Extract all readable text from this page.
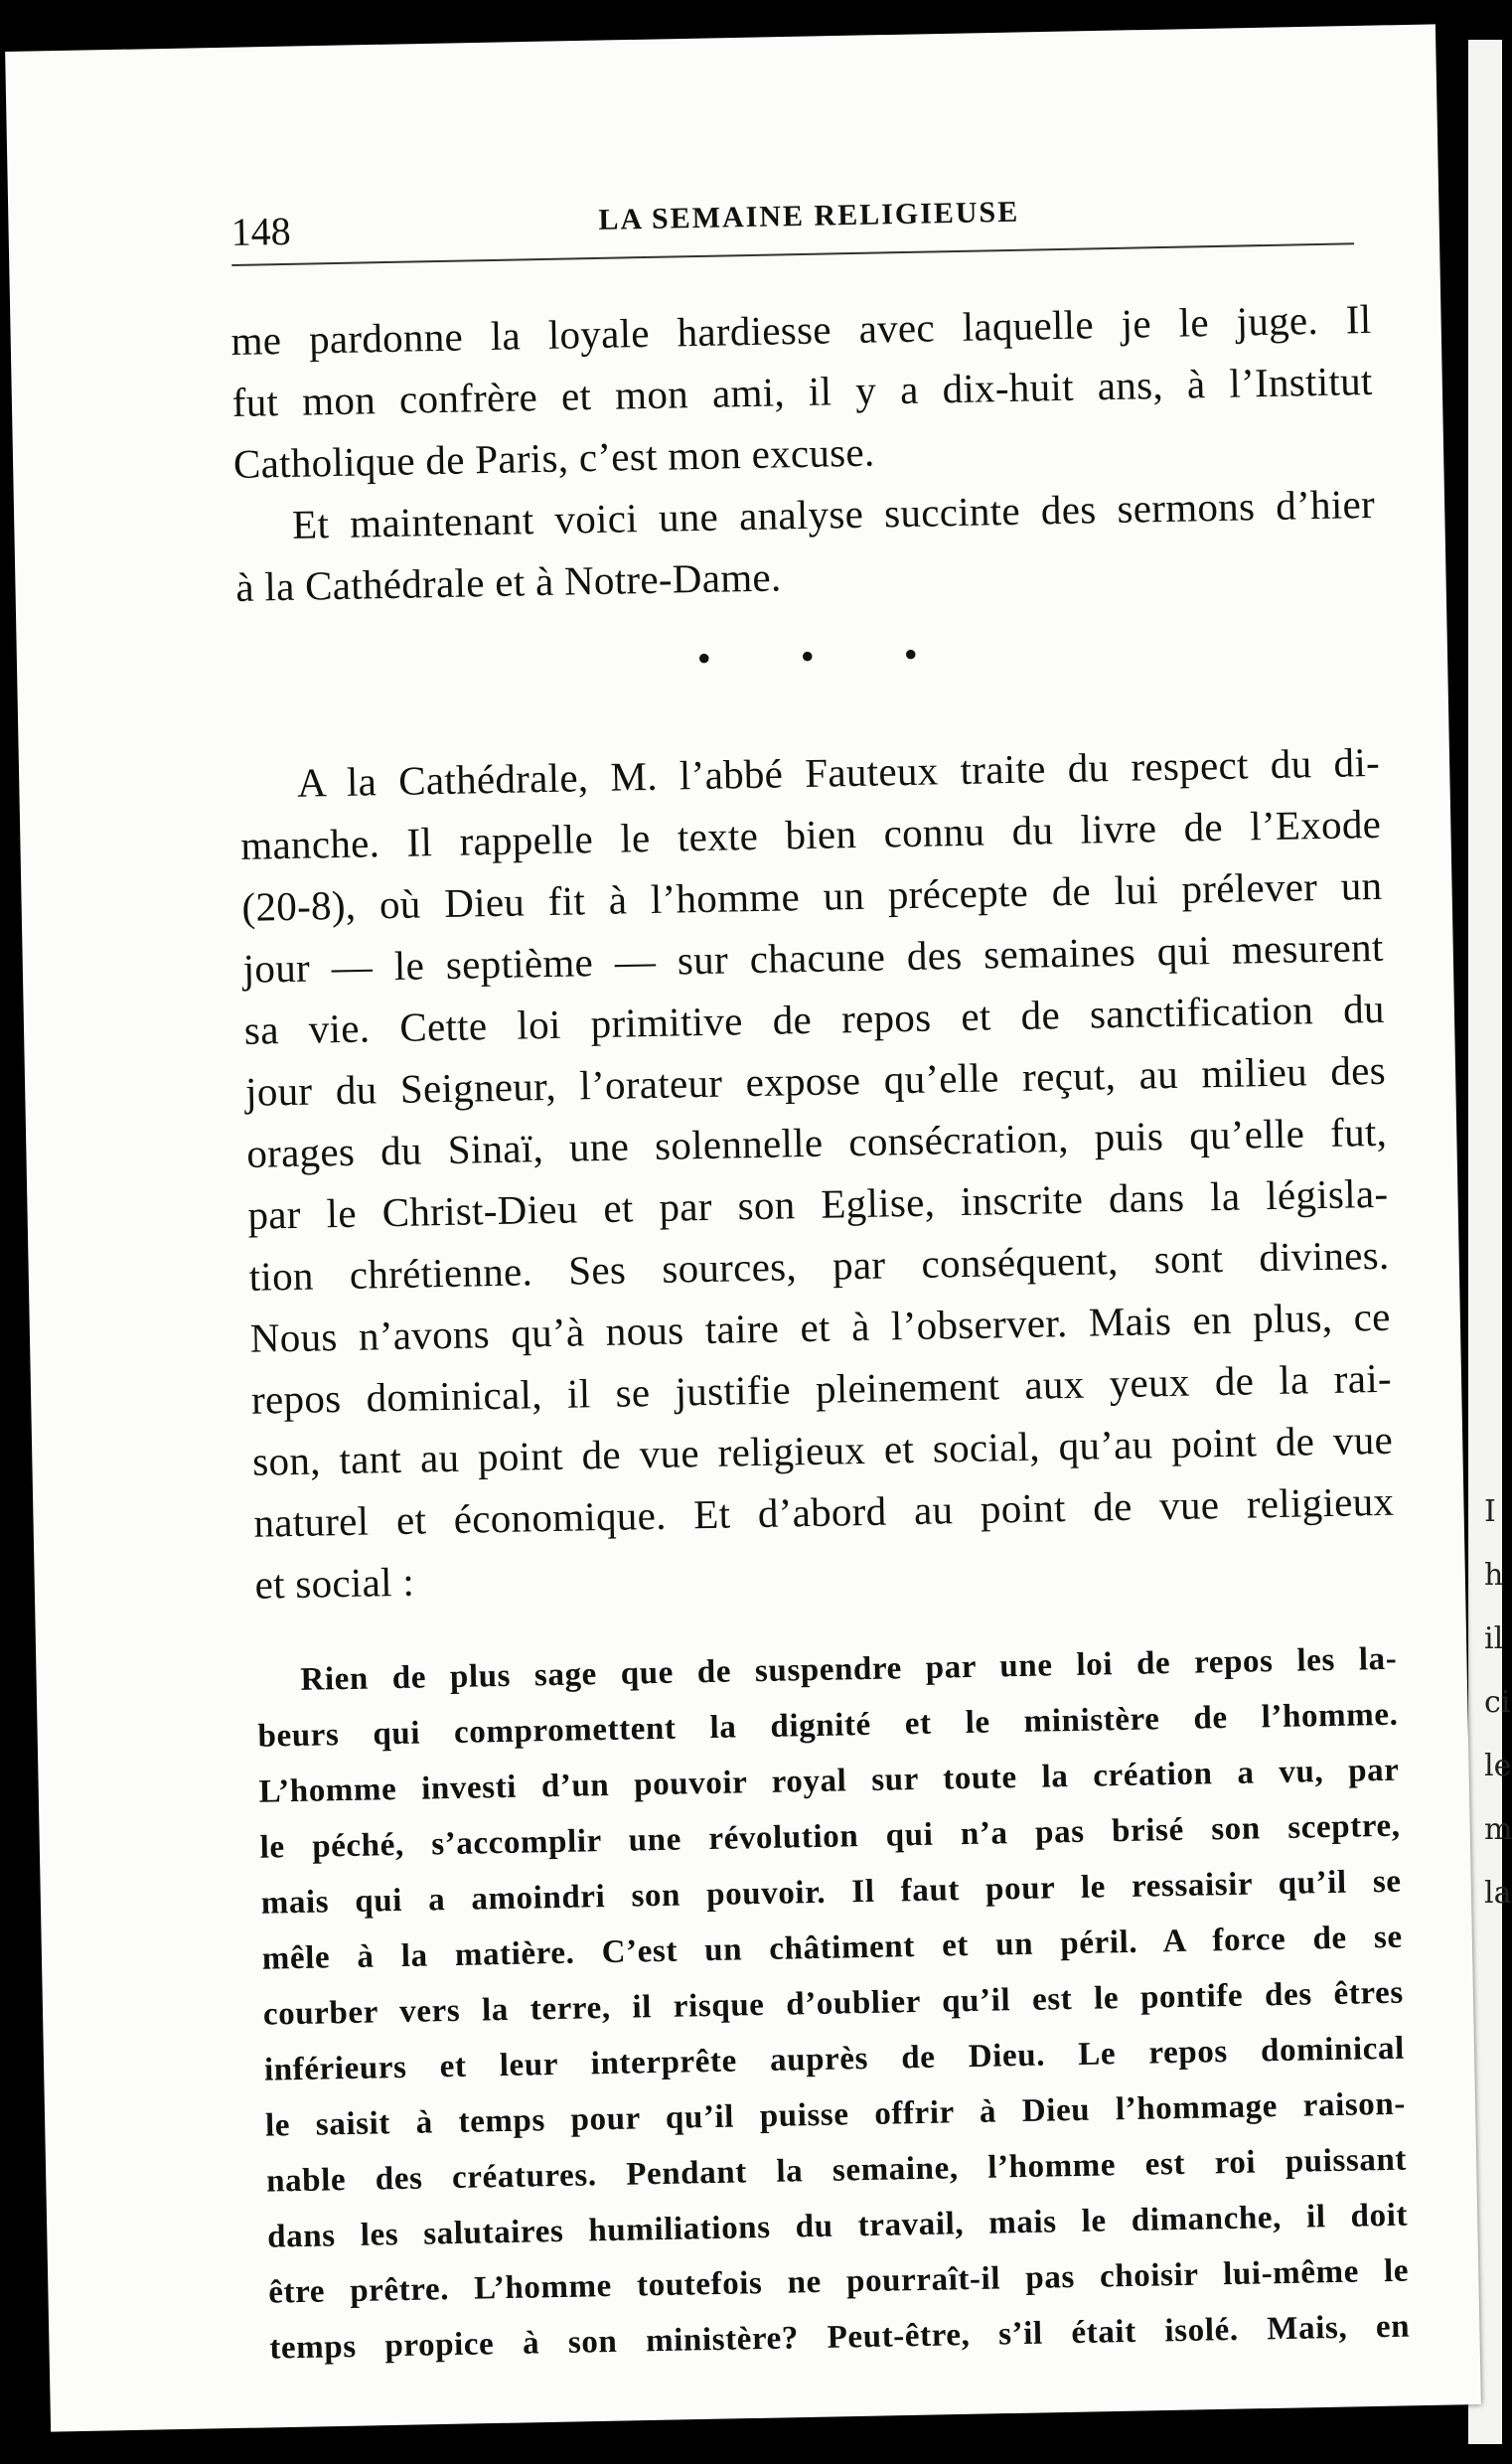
I
h
il
ci
le
m
la
148	LA SEMAINE RELIGIEUSE
me pardonne la loyale hardiesse avec laquelle je le juge. Il
fut mon confrère et mon ami, il y a dix-huit ans, à l’Institut
Catholique de Paris, c’est mon excuse.
Et maintenant voici une analyse succinte des sermons d’hier
à la Cathédrale et à Notre-Dame.
• • •
A la Cathédrale, M. l’abbé Fauteux traite du respect du di-
manche. Il rappelle le texte bien connu du livre de l’Exode
(20-8), où Dieu fit à l’homme un précepte de lui prélever un
jour — le septième — sur chacune des semaines qui mesurent
sa vie. Cette loi primitive de repos et de sanctification du
jour du Seigneur, l’orateur expose qu’elle reçut, au milieu des
orages du Sinaï, une solennelle consécration, puis qu’elle fut,
par le Christ-Dieu et par son Eglise, inscrite dans la législa-
tion chrétienne. Ses sources, par conséquent, sont divines.
Nous n’avons qu’à nous taire et à l’observer. Mais en plus, ce
repos dominical, il se justifie pleinement aux yeux de la rai-
son, tant au point de vue religieux et social, qu’au point de vue
naturel et économique. Et d’abord au point de vue religieux
et social :
Rien de plus sage que de suspendre par une loi de repos les la-
beurs qui compromettent la dignité et le ministère de l’homme.
L’homme investi d’un pouvoir royal sur toute la création a vu, par
le péché, s’accomplir une révolution qui n’a pas brisé son sceptre,
mais qui a amoindri son pouvoir. Il faut pour le ressaisir qu’il se
mêle à la matière. C’est un châtiment et un péril. A force de se
courber vers la terre, il risque d’oublier qu’il est le pontife des êtres
inférieurs et leur interprête auprès de Dieu. Le repos dominical
le saisit à temps pour qu’il puisse offrir à Dieu l’hommage raison-
nable des créatures. Pendant la semaine, l’homme est roi puissant
dans les salutaires humiliations du travail, mais le dimanche, il doit
être prêtre. L’homme toutefois ne pourraît-il pas choisir lui-même le
temps propice à son ministère? Peut-être, s’il était isolé. Mais, en
